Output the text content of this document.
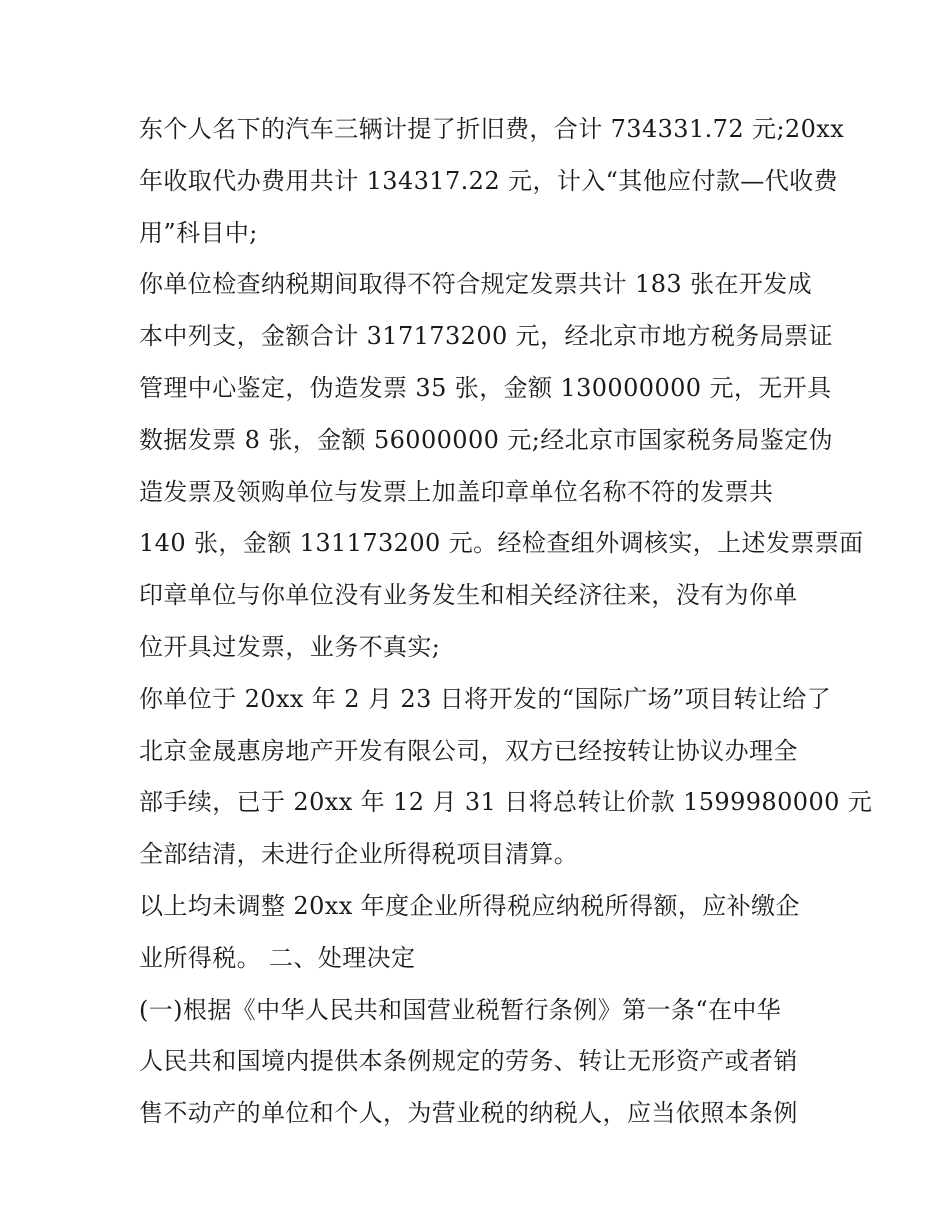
东个人名下的汽车三辆计提了折旧费，合计 734331.72 元;20xx
年收取代办费用共计 134317.22 元，计入“其他应付款—代收费
用”科目中;
你单位检查纳税期间取得不符合规定发票共计 183 张在开发成
本中列支，金额合计 317173200 元，经北京市地方税务局票证
管理中心鉴定，伪造发票 35 张，金额 130000000 元，无开具
数据发票 8 张，金额 56000000 元;经北京市国家税务局鉴定伪
造发票及领购单位与发票上加盖印章单位名称不符的发票共
140 张，金额 131173200 元。经检查组外调核实，上述发票票面
印章单位与你单位没有业务发生和相关经济往来，没有为你单
位开具过发票，业务不真实;
你单位于 20xx 年 2 月 23 日将开发的“国际广场”项目转让给了
北京金晟惠房地产开发有限公司，双方已经按转让协议办理全
部手续，已于 20xx 年 12 月 31 日将总转让价款 1599980000 元
全部结清，未进行企业所得税项目清算。
以上均未调整 20xx 年度企业所得税应纳税所得额，应补缴企
业所得税。 二、处理决定
(一)根据《中华人民共和国营业税暂行条例》第一条“在中华
人民共和国境内提供本条例规定的劳务、转让无形资产或者销
售不动产的单位和个人，为营业税的纳税人，应当依照本条例
